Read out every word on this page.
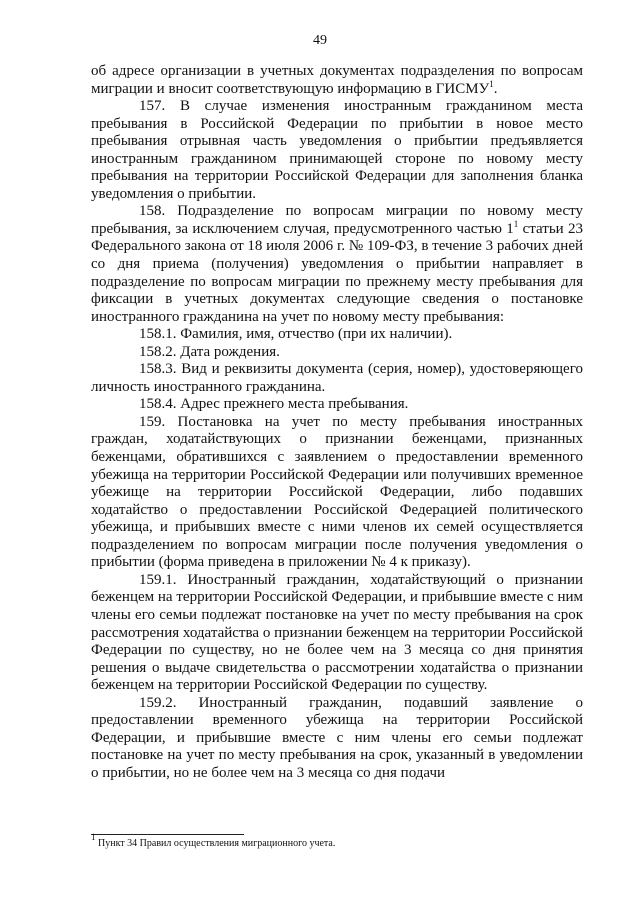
49

об адресе организации в учетных документах подразделения по вопросам миграции и вносит соответствующую информацию в ГИСМУ$^1$.

157. В случае изменения иностранным гражданином места пребывания в Российской Федерации по прибытии в новое место пребывания отрывная часть уведомления о прибытии предъявляется иностранным гражданином принимающей стороне по новому месту пребывания на территории Российской Федерации для заполнения бланка уведомления о прибытии.

158. Подразделение по вопросам миграции по новому месту пребывания, за исключением случая, предусмотренного частью $1^1$ статьи 23 Федерального закона от 18 июля 2006 г. № 109-ФЗ, в течение 3 рабочих дней со дня приема (получения) уведомления о прибытии направляет в подразделение по вопросам миграции по прежнему месту пребывания для фиксации в учетных документах следующие сведения о постановке иностранного гражданина на учет по новому месту пребывания:

158.1. Фамилия, имя, отчество (при их наличии).

158.2. Дата рождения.

158.3. Вид и реквизиты документа (серия, номер), удостоверяющего личность иностранного гражданина.

158.4. Адрес прежнего места пребывания.

159. Постановка на учет по месту пребывания иностранных граждан, ходатайствующих о признании беженцами, признанных беженцами, обратившихся с заявлением о предоставлении временного убежища на территории Российской Федерации или получивших временное убежище на территории Российской Федерации, либо подавших ходатайство о предоставлении Российской Федерацией политического убежища, и прибывших вместе с ними членов их семей осуществляется подразделением по вопросам миграции после получения уведомления о прибытии (форма приведена в приложении № 4 к приказу).

159.1. Иностранный гражданин, ходатайствующий о признании беженцем на территории Российской Федерации, и прибывшие вместе с ним члены его семьи подлежат постановке на учет по месту пребывания на срок рассмотрения ходатайства о признании беженцем на территории Российской Федерации по существу, но не более чем на 3 месяца со дня принятия решения о выдаче свидетельства о рассмотрении ходатайства о признании беженцем на территории Российской Федерации по существу.

159.2. Иностранный гражданин, подавший заявление о предоставлении временного убежища на территории Российской Федерации, и прибывшие вместе с ним члены его семьи подлежат постановке на учет по месту пребывания на срок, указанный в уведомлении о прибытии, но не более чем на 3 месяца со дня подачи

$^1$ Пункт 34 Правил осуществления миграционного учета.
